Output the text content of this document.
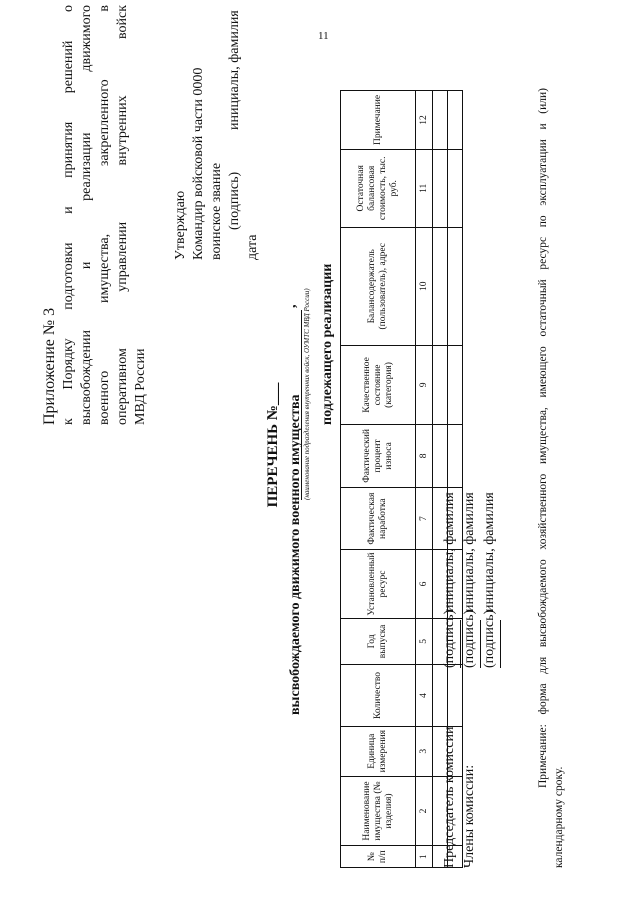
11
Приложение № 3 к Порядку подготовки и принятия решений о высвобождении и реализации движимого военного имущества, закрепленного в оперативном управлении внутренних войск МВД России
Утверждаю Командир войсковой части 0000 воинское звание (подпись)
инициалы, фамилия
дата
ПЕРЕЧЕНЬ №___ высвобождаемого движимого военного имущества
, (наименование подразделения внутренних войск, ОУМТС МВД России) подлежащего реализации
№ п/п	Наименование имущества (№ изделия)	Единица измерения	Количество	Год выпуска	Установленный ресурс	Фактическая наработка	Фактический процент износа	Качественное состояние (категория)	Балансодержатель (пользователь), адрес	Остаточная балансовая стоимость, тыс. руб.	Примечание
1	2	3	4	5	6	7	8	9	10	11	12

Председатель комиссии
(подпись)
инициалы, фамилия
Члены комиссии:
(подпись)
инициалы, фамилия
(подпись)
инициалы, фамилия	Примечание: форма для высвобождаемого хозяйственного имущества, имеющего остаточный ресурс по эксплуатации и (или)
календарному сроку.
